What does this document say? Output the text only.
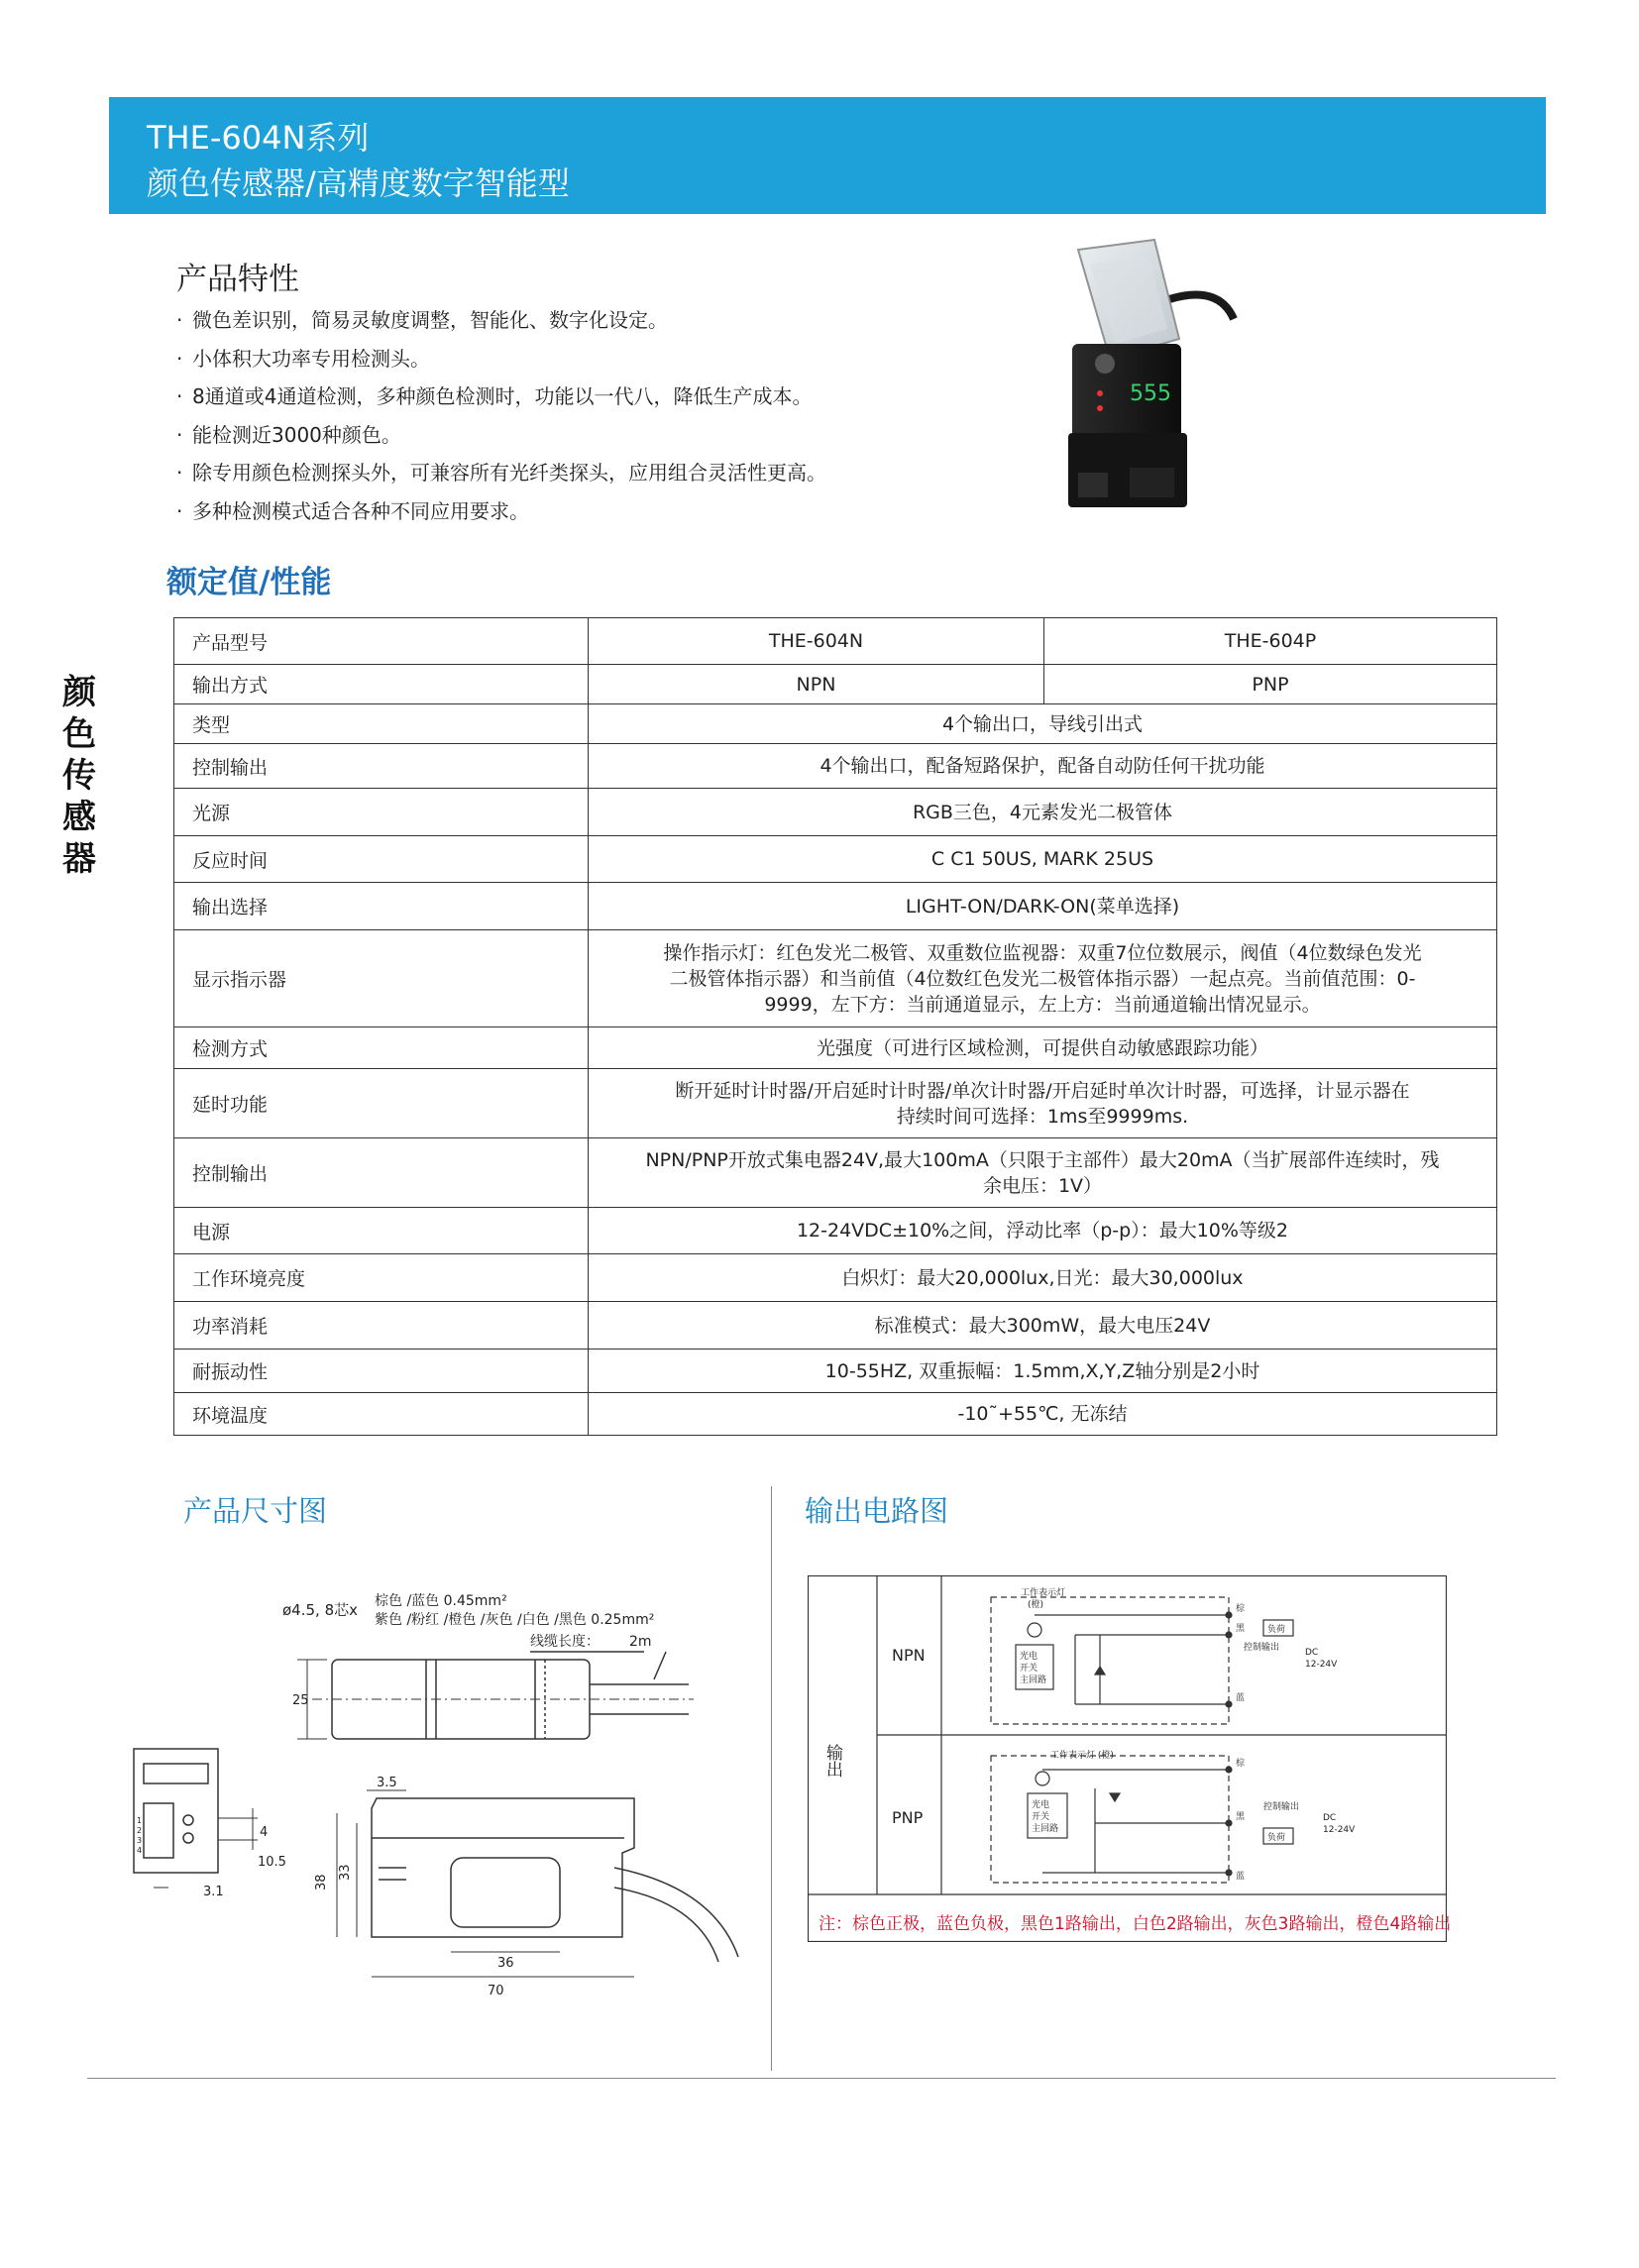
THE-604N系列
颜色传感器/高精度数字智能型
颜色传感器
产品特性
· 微色差识别，简易灵敏度调整，智能化、数字化设定。
· 小体积大功率专用检测头。
· 8通道或4通道检测，多种颜色检测时，功能以一代八，降低生产成本。
· 能检测近3000种颜色。
· 除专用颜色检测探头外，可兼容所有光纤类探头，应用组合灵活性更高。
· 多种检测模式适合各种不同应用要求。
555
额定值/性能
产品型号	THE-604N	THE-604P
输出方式	NPN	PNP
类型	4个输出口，导线引出式	
控制输出	4个输出口，配备短路保护，配备自动防任何干扰功能	
光源	RGB三色，4元素发光二极管体	
反应时间	C C1 50US, MARK 25US	
输出选择	LIGHT-ON/DARK-ON(菜单选择)	
显示指示器	操作指示灯：红色发光二极管、双重数位监视器：双重7位位数展示，阀值（4位数绿色发光
二极管体指示器）和当前值（4位数红色发光二极管体指示器）一起点亮。当前值范围：0-
9999，左下方：当前通道显示，左上方：当前通道输出情况显示。	

检测方式	光强度（可进行区域检测，可提供自动敏感跟踪功能）	
延时功能	断开延时计时器/开启延时计时器/单次计时器/开启延时单次计时器，可选择，计显示器在
持续时间可选择：1ms至9999ms.	

控制输出	NPN/PNP开放式集电器24V,最大100mA（只限于主部件）最大20mA（当扩展部件连续时，残
余电压：1V）	

电源	12-24VDC±10%之间，浮动比率（p-p）：最大10%等级2	
工作环境亮度	白炽灯：最大20,000lux,日光：最大30,000lux	
功率消耗	标准模式：最大300mW，最大电压24V	
耐振动性	10-55HZ, 双重振幅：1.5mm,X,Y,Z轴分别是2小时	
环境温度	-10˜+55℃, 无冻结	
产品尺寸图	输出电路图
ø4.5, 8芯x 棕色 /蓝色 0.45mm²
紫色 /粉红 /橙色 /灰色 /白色 /黑色 0.25mm²
线缆长度： 2m
25
1
2
3
4
4
10.5
3.1
3.5
38
33
36
70
输出
NPN
PNP
工作表示灯
(橙)
光电
开关
主回路
棕
黑
蓝
负荷
控制输出	DC
12-24V
工作表示灯 (橙)
光电
开关
主回路
棕
黑
蓝
控制输出
负荷
DC
12-24V
注：棕色正极，蓝色负极，黑色1路输出，白色2路输出，灰色3路输出，橙色4路输出
